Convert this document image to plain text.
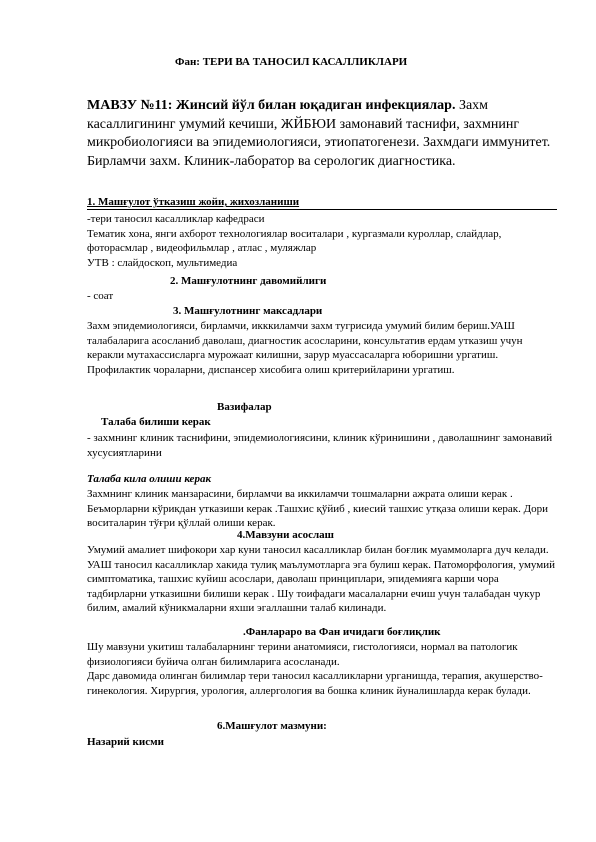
Фан: ТЕРИ ВА ТАНОСИЛ КАСАЛЛИКЛАРИ

МАВЗУ №11: Жинсий йўл билан юқадиган инфекциялар. Захм касаллигининг умумий кечиши, ЖЙБЮИ замонавий таснифи, захмнинг микробиологияси ва эпидемиологияси, этиопатогенези. Захмдаги иммунитет. Бирламчи захм. Клиник-лаборатор ва серологик диагностика.

1. Машғулот ўтказиш жойи, жихозланиши
-тери таносил касалликлар кафедраси
Тематик хона, янги ахборот технологиялар воситалари , кургазмали куроллар, слайдлар, фоторасмлар , видеофильмлар , атлас , муляжлар
УТВ : слайдоскоп, мультимедиа
2. Машғулотнинг давомийлиги
- соат
3. Машғулотнинг максадлари
Захм эпидемиологияси, бирламчи, икккиламчи захм тугрисида умумий билим бериш.УАШ талабаларига асосланиб даволаш, диагностик асосларини, консультатив ердам утказиш учун керакли мутахассисларга мурожаат килишни, зарур муассасаларга юборишни ургатиш. Профилактик чораларни, диспансер хисобига олиш критерийларини ургатиш.
Вазифалар
Талаба билиши керак
- захмнинг клиник таснифини, эпидемиологиясини, клиник кўринишини , даволашнинг замонавий хусусиятларини
Талаба кила олиши керак
Захмнинг клиник манзарасини, бирламчи ва иккиламчи тошмаларни ажрата олиши керак . Беъморларни кўрикдан утказиши керак .Ташхис қўйиб , киесий ташхис утқаза олиши керак. Дори воситаларин тўғри қўллай олиши керак.
4.Мавзуни асослаш
Умумий амалиет шифокори хар куни таносил касалликлар билан боғлик муаммоларга дуч келади. УАШ таносил касалликлар хакида тулиқ маълумотларга эга булиш керак. Патоморфология, умумий симптоматика, ташхис куйиш асослари, даволаш принциплари, эпидемияга карши чора тадбирларни утказишни билиши керак . Шу тоифадаги масалаларни ечиш учун талабадан чукур билим, амалий кўникмаларни яхши эгаллашни талаб килинади.
.Фанлараро ва Фан ичидаги боғлиқлик
Шу мавзуни укитиш талабаларнинг терини анатомияси, гистологияси, нормал ва патологик физиологияси буйича олган билимларига асосланади.
Дарс давомида олинган билимлар тери таносил касалликларни урганишда, терапия, акушерство-гинекология. Хирургия, урология, аллергология ва бошка клиник йуналишларда керак булади.
6.Машғулот мазмуни:
Назарий кисми
